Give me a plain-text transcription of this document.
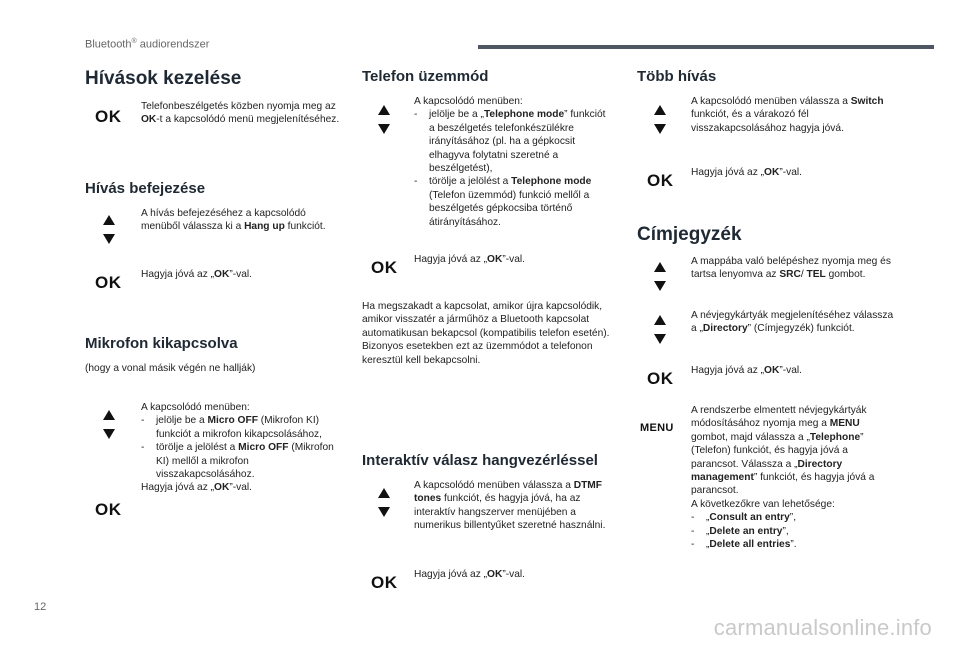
Bluetooth® audiorendszer
Hívások kezelése
OK
Telefonbeszélgetés közben nyomja meg az OK-t a kapcsolódó menü megjelenítéséhez.
Hívás befejezése
A hívás befejezéséhez a kapcsolódó menüből válassza ki a Hang up funkciót.
OK Hagyja jóvá az „OK”-val.
Mikrofon kikapcsolva
(hogy a vonal másik végén ne hallják)
A kapcsolódó menüben:
- jelölje be a Micro OFF (Mikrofon KI) funkciót a mikrofon kikapcsolásához,
- törölje a jelölést a Micro OFF (Mikrofon KI) mellől a mikrofon visszakapcsolásához.
Hagyja jóvá az „OK”-val.
OK
Telefon üzemmód
A kapcsolódó menüben:
- jelölje be a „Telephone mode” funkciót a beszélgetés telefonkészülékre irányításához (pl. ha a gépkocsit elhagyva folytatni szeretné a beszélgetést),
- törölje a jelölést a Telephone mode (Telefon üzemmód) funkció mellől a beszélgetés gépkocsiba történő átirányításához.
OK Hagyja jóvá az „OK”-val.
Ha megszakadt a kapcsolat, amikor újra kapcsolódik, amikor visszatér a járműhöz a Bluetooth kapcsolat automatikusan bekapcsol (kompatibilis telefon esetén).
Bizonyos esetekben ezt az üzemmódot a telefonon keresztül kell bekapcsolni.
Interaktív válasz hangvezérléssel
A kapcsolódó menüben válassza a DTMF tones funkciót, és hagyja jóvá, ha az interaktív hangszerver menüjében a numerikus billentyűket szeretné használni.
OK Hagyja jóvá az „OK”-val.
Több hívás
A kapcsolódó menüben válassza a Switch funkciót, és a várakozó fél visszakapcsolásához hagyja jóvá.
OK Hagyja jóvá az „OK”-val.
Címjegyzék
A mappába való belépéshez nyomja meg és tartsa lenyomva az SRC/ TEL gombot.
A névjegykártyák megjelenítéséhez válassza a „Directory” (Címjegyzék) funkciót.
OK Hagyja jóvá az „OK”-val.
MENU
A rendszerbe elmentett névjegykártyák módosításához nyomja meg a MENU gombot, majd válassza a „Telephone” (Telefon) funkciót, és hagyja jóvá a parancsot. Válassza a „Directory management” funkciót, és hagyja jóvá a parancsot.
A következőkre van lehetősége:
- „Consult an entry”,
- „Delete an entry”,
- „Delete all entries”.
12
carmanualsonline.info
